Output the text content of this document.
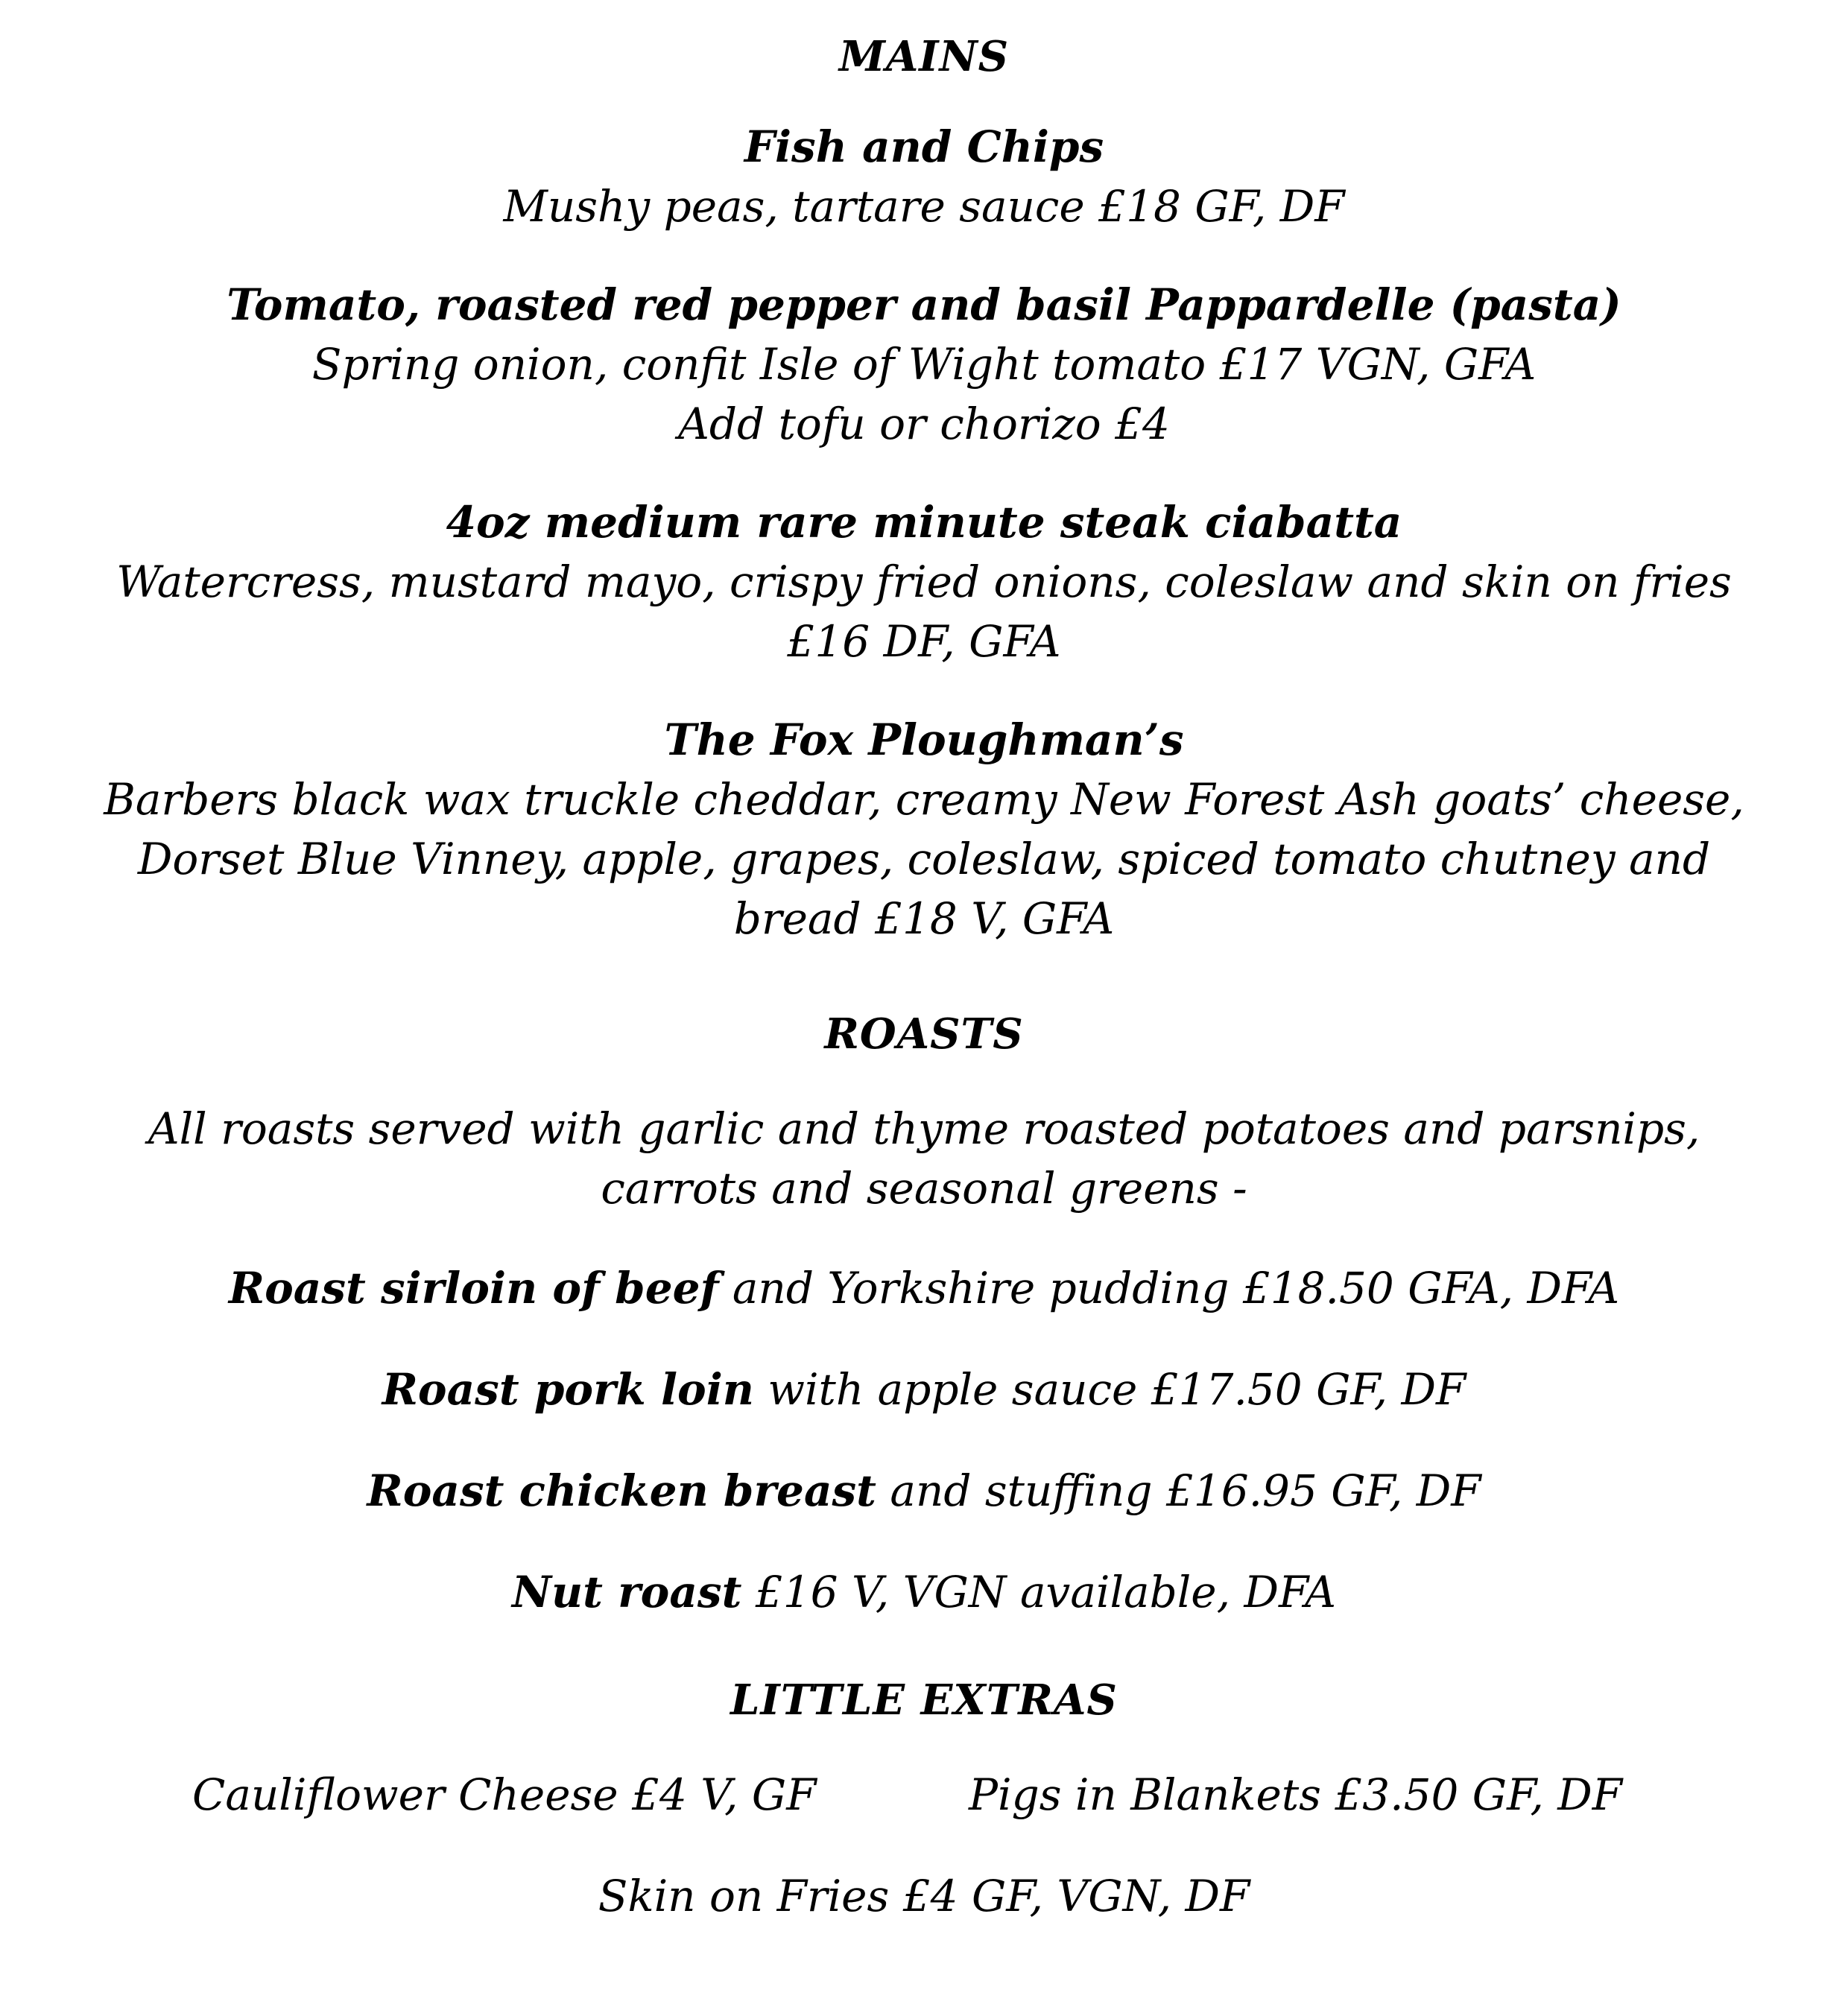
MAINS
Fish and Chips
Mushy peas, tartare sauce £18 GF, DF
Tomato, roasted red pepper and basil Pappardelle (pasta)
Spring onion, confit Isle of Wight tomato £17 VGN, GFA
Add tofu or chorizo £4
4oz medium rare minute steak ciabatta
Watercress, mustard mayo, crispy fried onions, coleslaw and skin on fries
£16 DF, GFA
The Fox Ploughman’s
Barbers black wax truckle cheddar, creamy New Forest Ash goats’ cheese,
Dorset Blue Vinney, apple, grapes, coleslaw, spiced tomato chutney and
bread £18 V, GFA
ROASTS
All roasts served with garlic and thyme roasted potatoes and parsnips,
carrots and seasonal greens -
Roast sirloin of beef and Yorkshire pudding £18.50 GFA, DFA
Roast pork loin with apple sauce £17.50 GF, DF
Roast chicken breast and stuffing £16.95 GF, DF
Nut roast £16 V, VGN available, DFA
LITTLE EXTRAS
Cauliflower Cheese £4 V, GF	Pigs in Blankets £3.50 GF, DF
Skin on Fries £4 GF, VGN, DF
